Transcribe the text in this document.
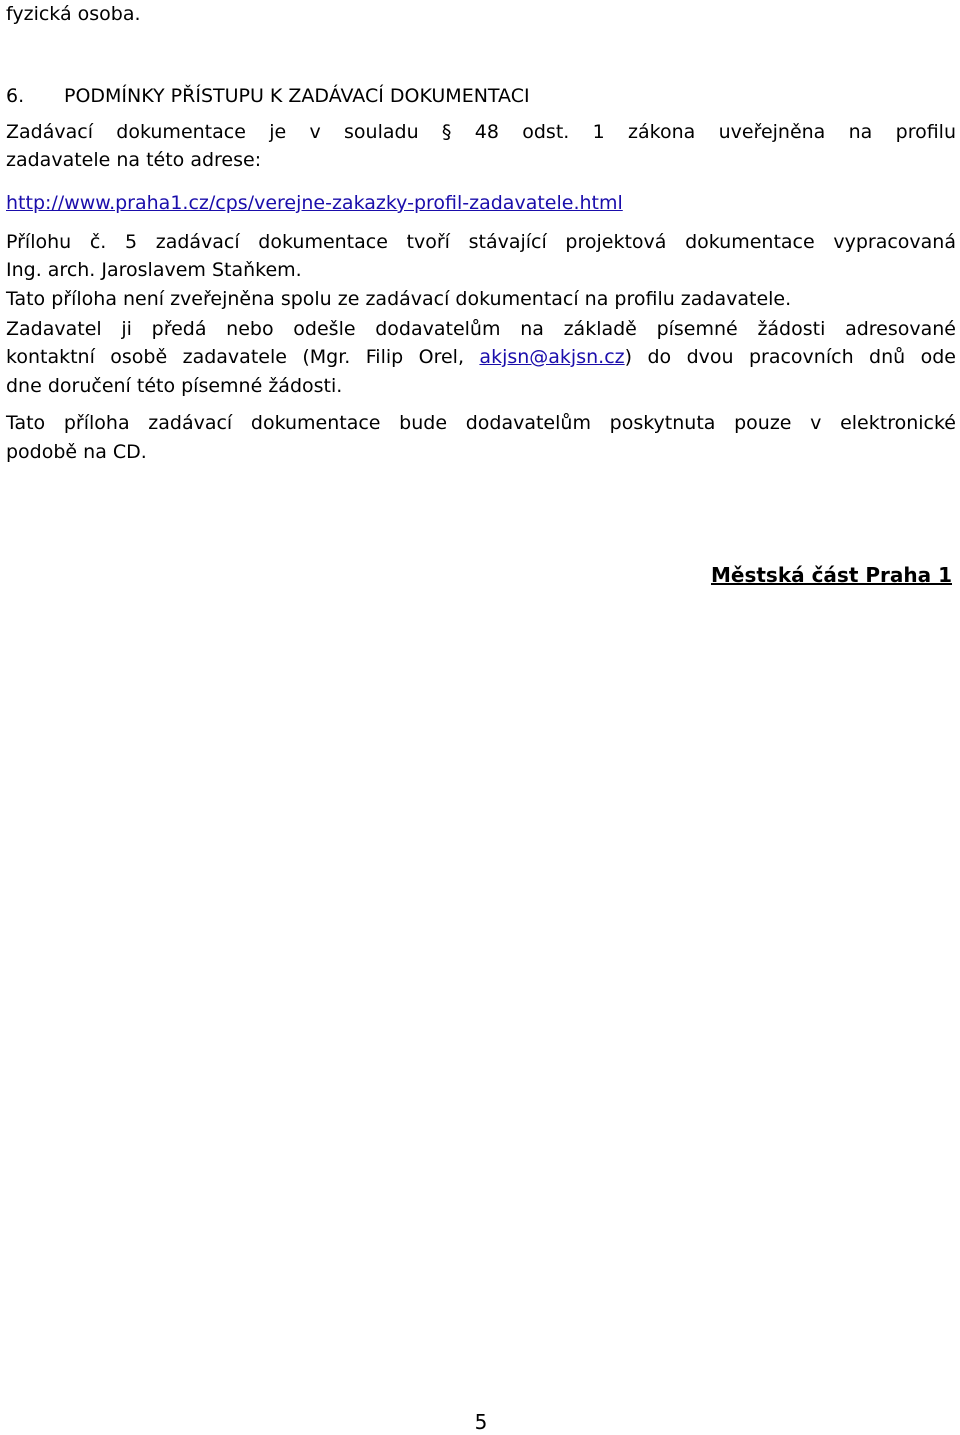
fyzická osoba.
6. PODMÍNKY PŘÍSTUPU K ZADÁVACÍ DOKUMENTACI
Zadávací dokumentace je v souladu § 48 odst. 1 zákona uveřejněna na profilu
zadavatele na této adrese:
http://www.praha1.cz/cps/verejne-zakazky-profil-zadavatele.html
Přílohu č. 5 zadávací dokumentace tvoří stávající projektová dokumentace vypracovaná
Ing. arch. Jaroslavem Staňkem.
Tato příloha není zveřejněna spolu ze zadávací dokumentací na profilu zadavatele.
Zadavatel ji předá nebo odešle dodavatelům na základě písemné žádosti adresované
kontaktní osobě zadavatele (Mgr. Filip Orel, akjsn@akjsn.cz) do dvou pracovních dnů ode
dne doručení této písemné žádosti.
Tato příloha zadávací dokumentace bude dodavatelům poskytnuta pouze v elektronické
podobě na CD.
Městská část Praha 1
5
